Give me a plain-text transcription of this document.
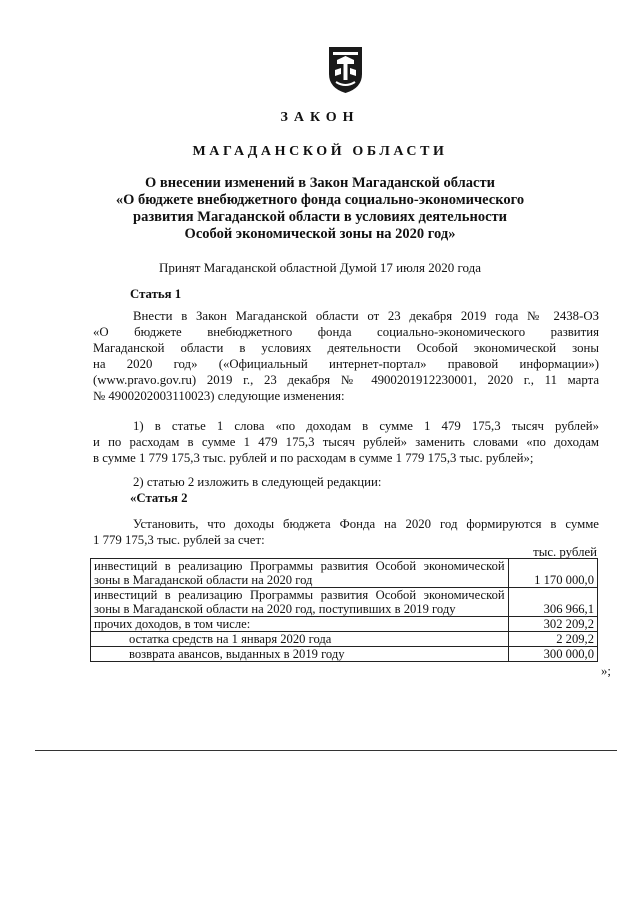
ЗАКОН
МАГАДАНСКОЙ ОБЛАСТИ
О внесении изменений в Закон Магаданской области
«О бюджете внебюджетного фонда социально-экономического
развития Магаданской области в условиях деятельности
Особой экономической зоны на 2020 год»
Принят Магаданской областной Думой 17 июля 2020 года
Статья 1
Внести в Закон Магаданской области от 23 декабря 2019 года № 2438-ОЗ
«О бюджете внебюджетного фонда социально-экономического развития
Магаданской области в условиях деятельности Особой экономической зоны
на 2020 год» («Официальный интернет-портал» правовой информации»)
(www.pravo.gov.ru) 2019 г., 23 декабря № 4900201912230001, 2020 г., 11 марта
№ 4900202003110023) следующие изменения:
1) в статье 1 слова «по доходам в сумме 1 479 175,3 тысяч рублей»
и по расходам в сумме 1 479 175,3 тысяч рублей» заменить словами «по доходам
в сумме 1 779 175,3 тыс. рублей и по расходам в сумме 1 779 175,3 тыс. рублей»;
2) статью 2 изложить в следующей редакции:
«Статья 2
Установить, что доходы бюджета Фонда на 2020 год формируются в сумме
1 779 175,3 тыс. рублей за счет:
тыс. рублей
инвестиций в реализацию Программы развития Особой экономической зоны в Магаданской области на 2020 год	1 170 000,0
инвестиций в реализацию Программы развития Особой экономической зоны в Магаданской области на 2020 год, поступивших в 2019 году	306 966,1
прочих доходов, в том числе:	302 209,2
остатка средств на 1 января 2020 года	2 209,2
возврата авансов, выданных в 2019 году	300 000,0
»;
